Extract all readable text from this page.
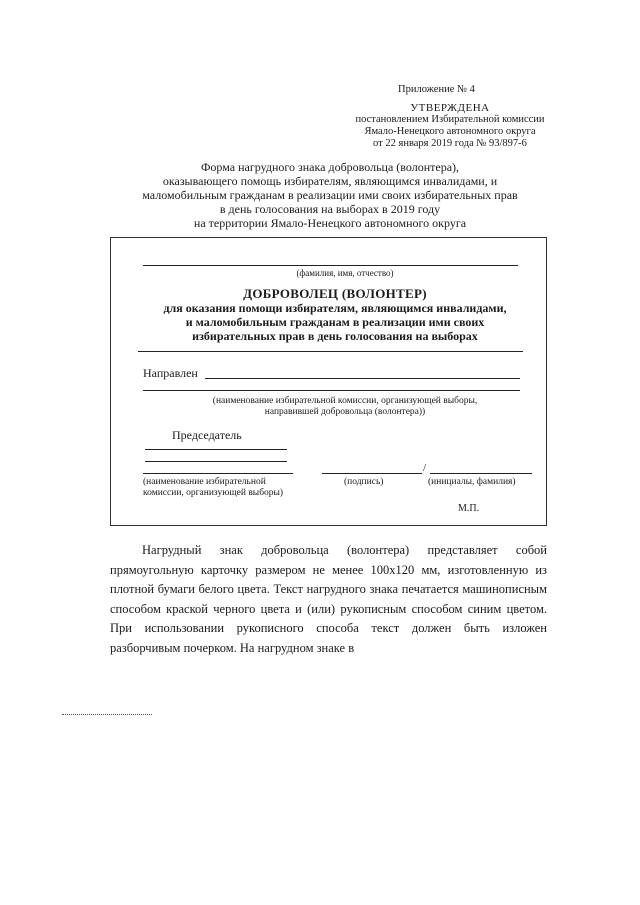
Приложение № 4
УТВЕРЖДЕНА
постановлением Избирательной комиссии
Ямало-Ненецкого автономного округа
от 22 января 2019 года № 93/897-6
Форма нагрудного знака добровольца (волонтера),
оказывающего помощь избирателям, являющимся инвалидами, и
маломобильным гражданам в реализации ими своих избирательных прав
в день голосования на выборах в 2019 году
на территории Ямало-Ненецкого автономного округа
(фамилия, имя, отчество)
ДОБРОВОЛЕЦ (ВОЛОНТЕР)
для оказания помощи избирателям, являющимся инвалидами,
и маломобильным гражданам в реализации ими своих
избирательных прав в день голосования на выборах
Направлен
(наименование избирательной комиссии, организующей выборы,
направившей добровольца (волонтера))
Председатель
(наименование избирательной
комиссии, организующей выборы)
/
(подпись)	(инициалы, фамилия)
М.П.
Нагрудный знак добровольца (волонтера) представляет собой прямоугольную карточку размером не менее 100х120 мм, изготовленную из плотной бумаги белого цвета. Текст нагрудного знака печатается машинописным способом краской черного цвета и (или) рукописным способом синим цветом. При использовании рукописного способа текст должен быть изложен разборчивым почерком. На нагрудном знаке в
